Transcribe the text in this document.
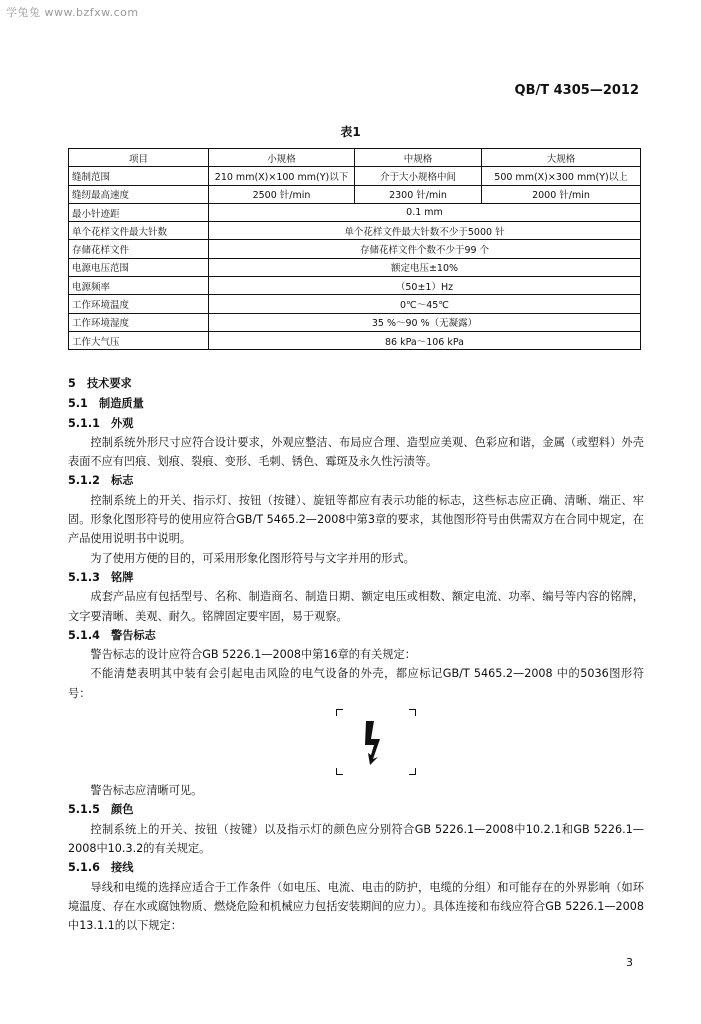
学兔兔 www.bzfxw.com
QB/T 4305—2012
表1
项目	小规格	中规格	大规格
缝制范围	210 mm(X)×100 mm(Y)以下	介于大小规格中间	500 mm(X)×300 mm(Y)以上
缝纫最高速度	2500 针/min	2300 针/min	2000 针/min
最小针迹距	0.1 mm		
单个花样文件最大针数	单个花样文件最大针数不少于5000 针		
存储花样文件	存储花样文件个数不少于99 个		
电源电压范围	额定电压±10%		
电源频率	（50±1）Hz		
工作环境温度	0℃～45℃		
工作环境湿度	35 %～90 %（无凝露）		
工作大气压	86 kPa～106 kPa		
5　技术要求
5.1　制造质量
5.1.1　外观

控制系统外形尺寸应符合设计要求，外观应整洁、布局应合理、造型应美观、色彩应和谐，金属（或塑料）外壳表面不应有凹痕、划痕、裂痕、变形、毛刺、锈色、霉斑及永久性污渍等。

5.1.2　标志

控制系统上的开关、指示灯、按钮（按键）、旋钮等都应有表示功能的标志，这些标志应正确、清晰、端正、牢固。形象化图形符号的使用应符合GB/T 5465.2—2008中第3章的要求，其他图形符号由供需双方在合同中规定，在产品使用说明书中说明。

为了使用方便的目的，可采用形象化图形符号与文字并用的形式。

5.1.3　铭牌

成套产品应有包括型号、名称、制造商名、制造日期、额定电压或相数、额定电流、功率、编号等内容的铭牌，文字要清晰、美观、耐久。铭牌固定要牢固，易于观察。

5.1.4　警告标志

警告标志的设计应符合GB 5226.1—2008中第16章的有关规定：

不能清楚表明其中装有会引起电击风险的电气设备的外壳，都应标记GB/T 5465.2—2008 中的5036图形符号：

警告标志应清晰可见。

5.1.5　颜色

控制系统上的开关、按钮（按键）以及指示灯的颜色应分别符合GB 5226.1—2008中10.2.1和GB 5226.1—2008中10.3.2的有关规定。

5.1.6　接线

导线和电缆的选择应适合于工作条件（如电压、电流、电击的防护，电缆的分组）和可能存在的外界影响（如环境温度、存在水或腐蚀物质、燃烧危险和机械应力包括安装期间的应力）。具体连接和布线应符合GB 5226.1—2008中13.1.1的以下规定：

3
